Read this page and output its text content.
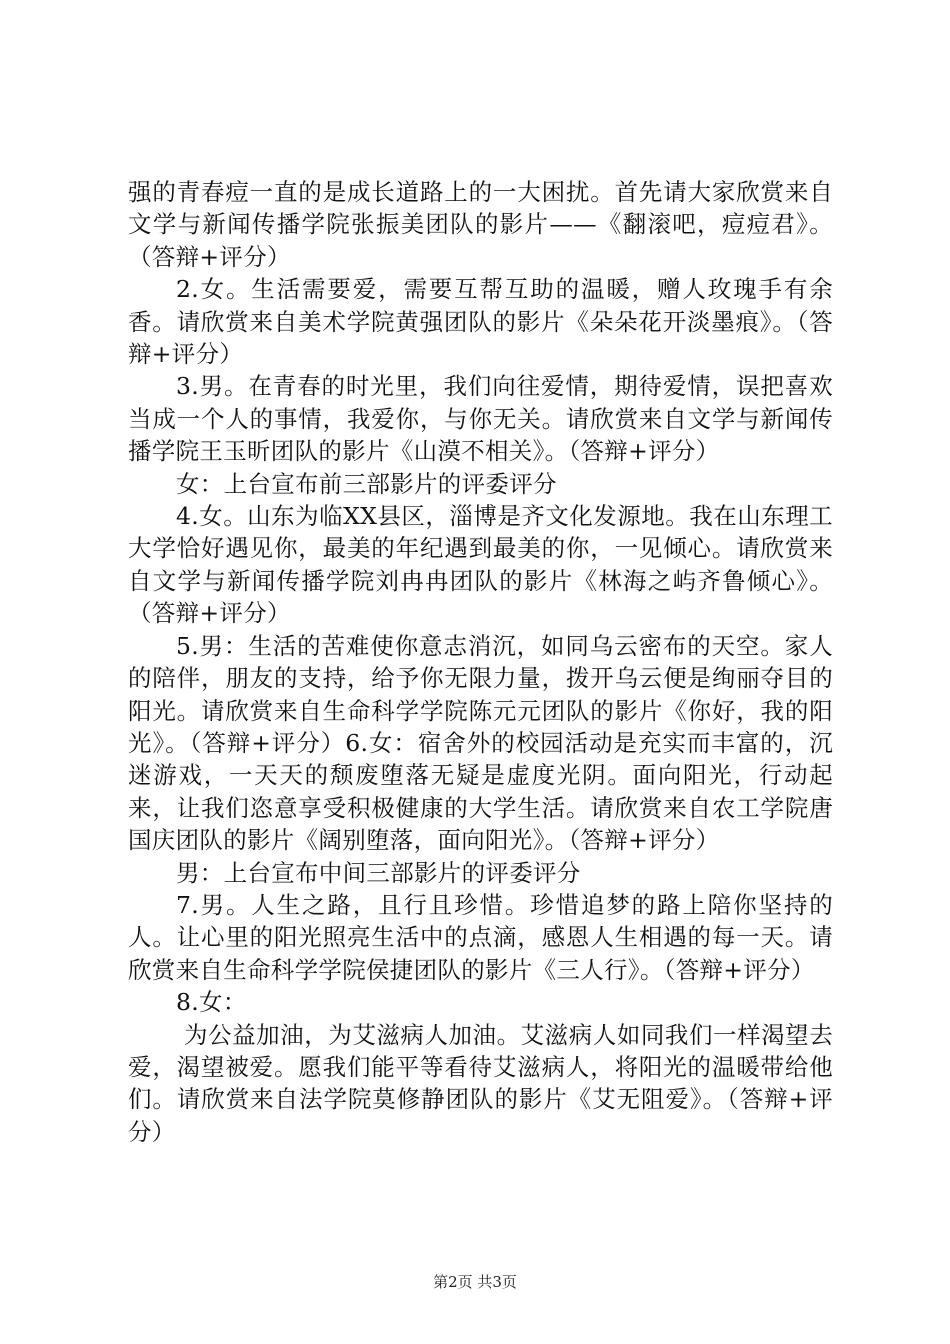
强的青春痘一直的是成长道路上的一大困扰。首先请大家欣赏来自文学与新闻传播学院张振美团队的影片——《翻滚吧，痘痘君》。（答辩+评分）

2.女。生活需要爱，需要互帮互助的温暖，赠人玫瑰手有余香。请欣赏来自美术学院黄强团队的影片《朵朵花开淡墨痕》。（答辩+评分）

3.男。在青春的时光里，我们向往爱情，期待爱情，误把喜欢当成一个人的事情，我爱你，与你无关。请欣赏来自文学与新闻传播学院王玉昕团队的影片《山漠不相关》。（答辩+评分）

女：上台宣布前三部影片的评委评分

4.女。山东为临XX县区，淄博是齐文化发源地。我在山东理工大学恰好遇见你，最美的年纪遇到最美的你，一见倾心。请欣赏来自文学与新闻传播学院刘冉冉团队的影片《林海之屿齐鲁倾心》。（答辩+评分）

5.男：生活的苦难使你意志消沉，如同乌云密布的天空。家人的陪伴，朋友的支持，给予你无限力量，拨开乌云便是绚丽夺目的阳光。请欣赏来自生命科学学院陈元元团队的影片《你好，我的阳光》。（答辩+评分）6.女：宿舍外的校园活动是充实而丰富的，沉迷游戏，一天天的颓废堕落无疑是虚度光阴。面向阳光，行动起来，让我们恣意享受积极健康的大学生活。请欣赏来自农工学院唐国庆团队的影片《阔别堕落，面向阳光》。（答辩+评分）

男：上台宣布中间三部影片的评委评分

7.男。人生之路，且行且珍惜。珍惜追梦的路上陪你坚持的人。让心里的阳光照亮生活中的点滴，感恩人生相遇的每一天。请欣赏来自生命科学学院侯捷团队的影片《三人行》。（答辩+评分）

8.女：

为公益加油，为艾滋病人加油。艾滋病人如同我们一样渴望去爱，渴望被爱。愿我们能平等看待艾滋病人，将阳光的温暖带给他们。请欣赏来自法学院莫修静团队的影片《艾无阻爱》。（答辩+评分）

第2页 共3页
